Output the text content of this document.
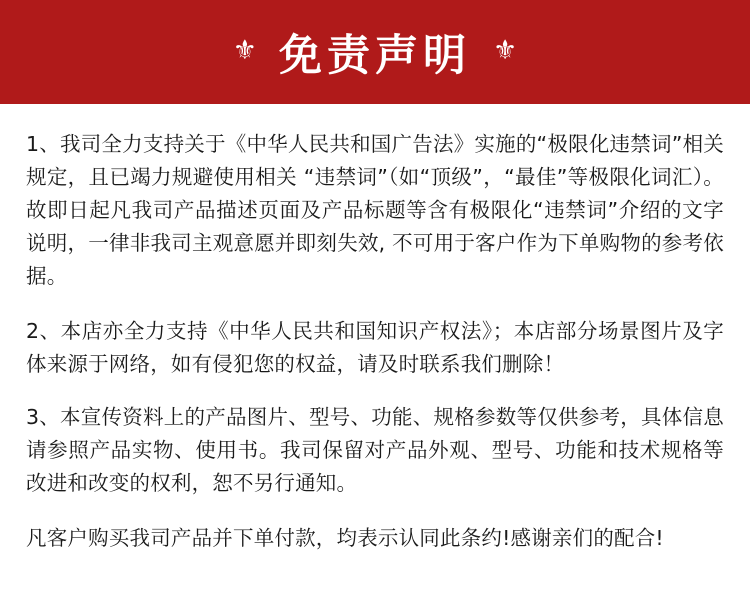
⚜ 免责声明 ⚜

1、我司全力支持关于《中华人民共和国广告法》实施的“极限化违禁词”相关规定，且已竭力规避使用相关 “违禁词”（如“顶级”，“最佳”等极限化词汇）。故即日起凡我司产品描述页面及产品标题等含有极限化“违禁词”介绍的文字说明，一律非我司主观意愿并即刻失效, 不可用于客户作为下单购物的参考依据。

2、本店亦全力支持《中华人民共和国知识产权法》；本店部分场景图片及字体来源于网络，如有侵犯您的权益，请及时联系我们删除！

3、本宣传资料上的产品图片、型号、功能、规格参数等仅供参考，具体信息请参照产品实物、使用书。我司保留对产品外观、型号、功能和技术规格等改进和改变的权利，恕不另行通知。

凡客户购买我司产品并下单付款，均表示认同此条约!感谢亲们的配合!
